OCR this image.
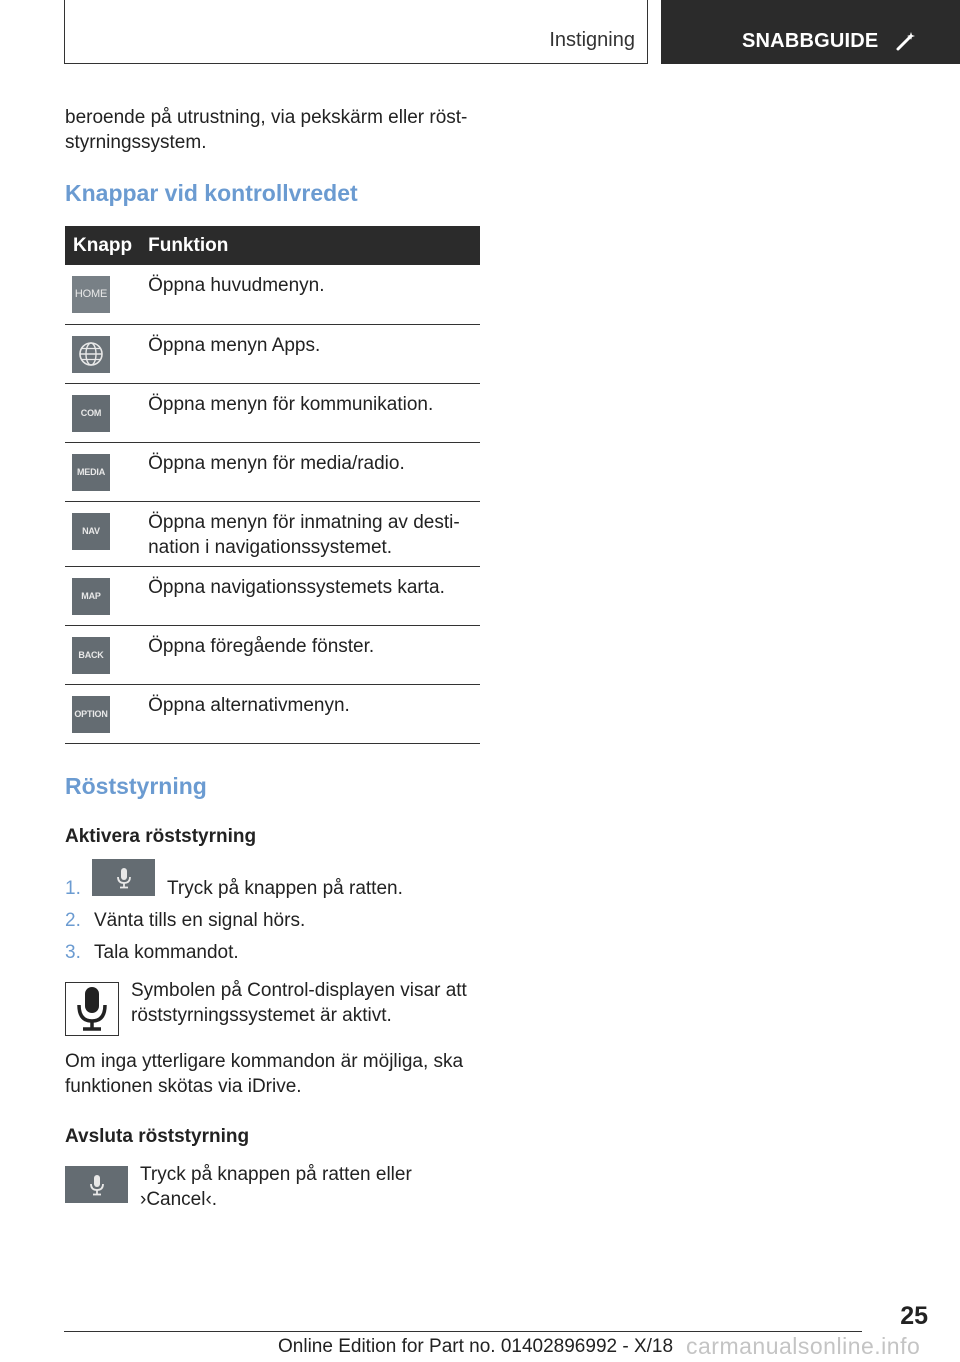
Instigning	SNABBGUIDE
beroende på utrustning, via pekskärm eller röst-
styrningssystem.
Knappar vid kontrollvredet
Knapp	Funktion

HOME	Öppna huvudmenyn.

	Öppna menyn Apps.

COM	Öppna menyn för kommunikation.

MEDIA	Öppna menyn för media/radio.

NAV	Öppna menyn för inmatning av desti-nation i navigationssystemet.

MAP	Öppna navigationssystemets karta.

BACK	Öppna föregående fönster.

OPTION	Öppna alternativmenyn.
Röststyrning
Aktivera röststyrning
1.	Tryck på knappen på ratten.
2. Vänta tills en signal hörs.
3. Tala kommandot.
Symbolen på Control-displayen visar att röststyrningssystemet är aktivt.
Om inga ytterligare kommandon är möjliga, ska funktionen skötas via iDrive.
Avsluta röststyrning
Tryck på knappen på ratten eller ›Cancel‹.
25
Online Edition for Part no. 01402896992 - X/18 carmanualsonline.info
